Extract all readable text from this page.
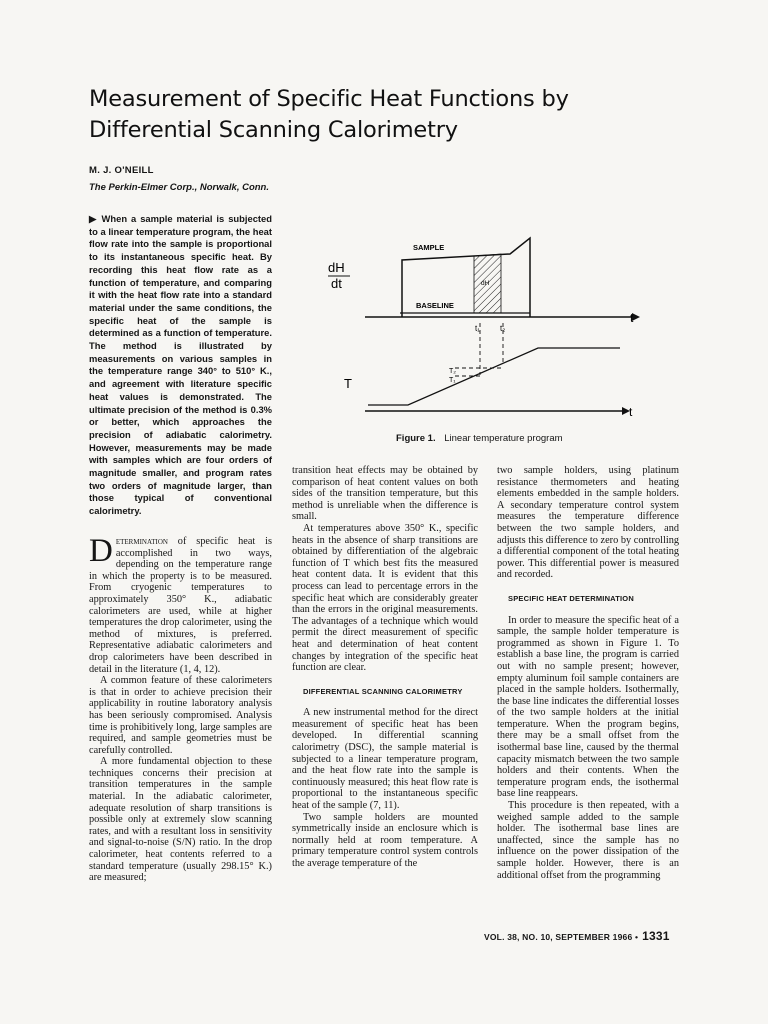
Measurement of Specific Heat Functions by
Differential Scanning Calorimetry
M. J. O'NEILL
The Perkin-Elmer Corp., Norwalk, Conn.
▶ When a sample material is subjected to a linear temperature program, the heat flow rate into the sample is proportional to its instantaneous specific heat. By recording this heat flow rate as a function of temperature, and comparing it with the heat flow rate into a standard material under the same conditions, the specific heat of the sample is determined as a function of temperature. The method is illustrated by measurements on various samples in the temperature range 340° to 510° K., and agreement with literature specific heat values is demonstrated. The ultimate precision of the method is 0.3% or better, which approaches the precision of adiabatic calorimetry. However, measurements may be made with samples which are four orders of magnitude smaller, and program rates two orders of magnitude larger, than those typical of conventional calorimetry.
dH
dt
SAMPLE
BASELINE
dH
t₁	t₂
t
T
T₂
T₁
t
Figure 1. Linear temperature program

Determination of specific heat is accomplished in two ways, depending on the temperature range in which the property is to be measured. From cryogenic temperatures to approximately 350° K., adiabatic calorimeters are used, while at higher temperatures the drop calorimeter, using the method of mixtures, is preferred. Representative adiabatic calorimeters and drop calorimeters have been described in detail in the literature (1, 4, 12).

A common feature of these calorimeters is that in order to achieve precision their applicability in routine laboratory analysis has been seriously compromised. Analysis time is prohibitively long, large samples are required, and sample geometries must be carefully controlled.

A more fundamental objection to these techniques concerns their precision at transition temperatures in the sample material. In the adiabatic calorimeter, adequate resolution of sharp transitions is possible only at extremely slow scanning rates, and with a resultant loss in sensitivity and signal-to-noise (S/N) ratio. In the drop calorimeter, heat contents referred to a standard temperature (usually 298.15° K.) are measured;

transition heat effects may be obtained by comparison of heat content values on both sides of the transition temperature, but this method is unreliable when the difference is small.

At temperatures above 350° K., specific heats in the absence of sharp transitions are obtained by differentiation of the algebraic function of T which best fits the measured heat content data. It is evident that this process can lead to percentage errors in the specific heat which are considerably greater than the errors in the original measurements. The advantages of a technique which would permit the direct measurement of specific heat and determination of heat content changes by integration of the specific heat function are clear.

DIFFERENTIAL SCANNING CALORIMETRY

A new instrumental method for the direct measurement of specific heat has been developed. In differential scanning calorimetry (DSC), the sample material is subjected to a linear temperature program, and the heat flow rate into the sample is continuously measured; this heat flow rate is proportional to the instantaneous specific heat of the sample (7, 11).

Two sample holders are mounted symmetrically inside an enclosure which is normally held at room temperature. A primary temperature control system controls the average temperature of the

two sample holders, using platinum resistance thermometers and heating elements embedded in the sample holders. A secondary temperature control system measures the temperature difference between the two sample holders, and adjusts this difference to zero by controlling a differential component of the total heating power. This differential power is measured and recorded.

SPECIFIC HEAT DETERMINATION

In order to measure the specific heat of a sample, the sample holder temperature is programmed as shown in Figure 1. To establish a base line, the program is carried out with no sample present; however, empty aluminum foil sample containers are placed in the sample holders. Isothermally, the base line indicates the differential losses of the two sample holders at the initial temperature. When the program begins, there may be a small offset from the isothermal base line, caused by the thermal capacity mismatch between the two sample holders and their contents. When the temperature program ends, the isothermal base line reappears.

This procedure is then repeated, with a weighed sample added to the sample holder. The isothermal base lines are unaffected, since the sample has no influence on the power dissipation of the sample holder. However, there is an additional offset from the programming

VOL. 38, NO. 10, SEPTEMBER 1966 • 1331
